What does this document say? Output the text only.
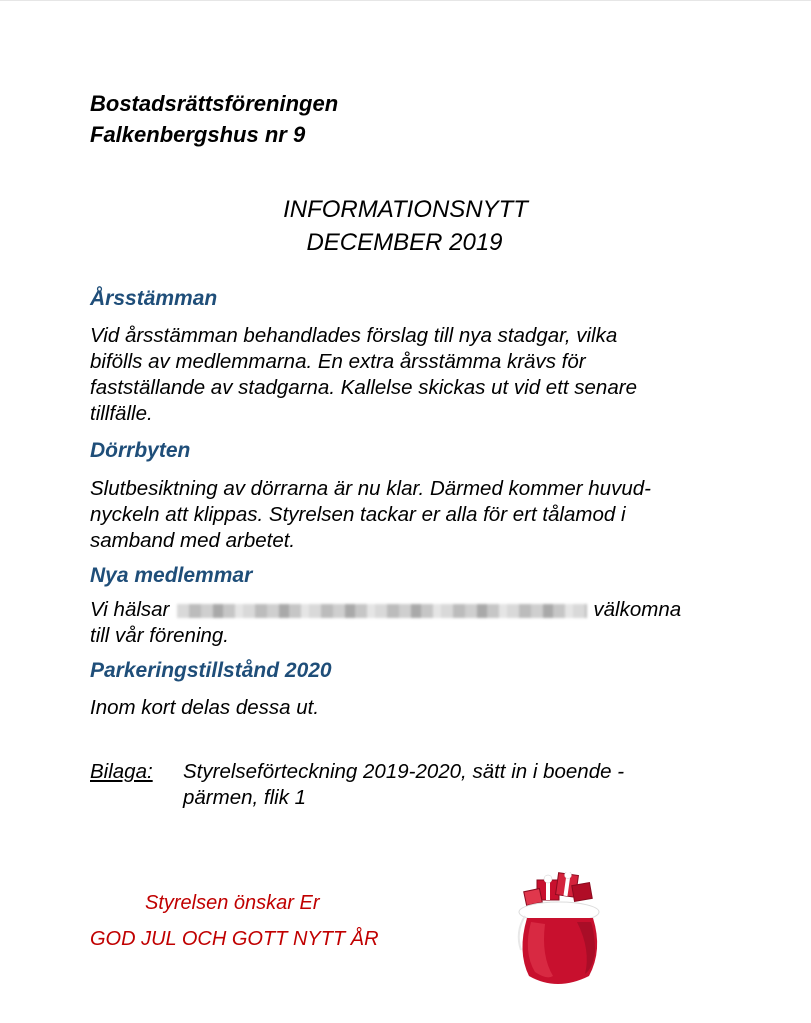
Bostadsrättsföreningen
Falkenbergshus nr 9
INFORMATIONSNYTT
DECEMBER 2019
Årsstämman
Vid årsstämman behandlades förslag till nya stadgar, vilka
bifölls av medlemmarna. En extra årsstämma krävs för
fastställande av stadgarna. Kallelse skickas ut vid ett senare
tillfälle.
Dörrbyten
Slutbesiktning av dörrarna är nu klar. Därmed kommer huvud-
nyckeln att klippas. Styrelsen tackar er alla för ert tålamod i
samband med arbetet.
Nya medlemmar
Vi hälsar	välkomna
till vår förening.
Parkeringstillstånd 2020
Inom kort delas dessa ut.
Bilaga: Styrelseförteckning 2019-2020, sätt in i boende -
pärmen, flik 1
Styrelsen önskar Er
GOD JUL OCH GOTT NYTT ÅR
